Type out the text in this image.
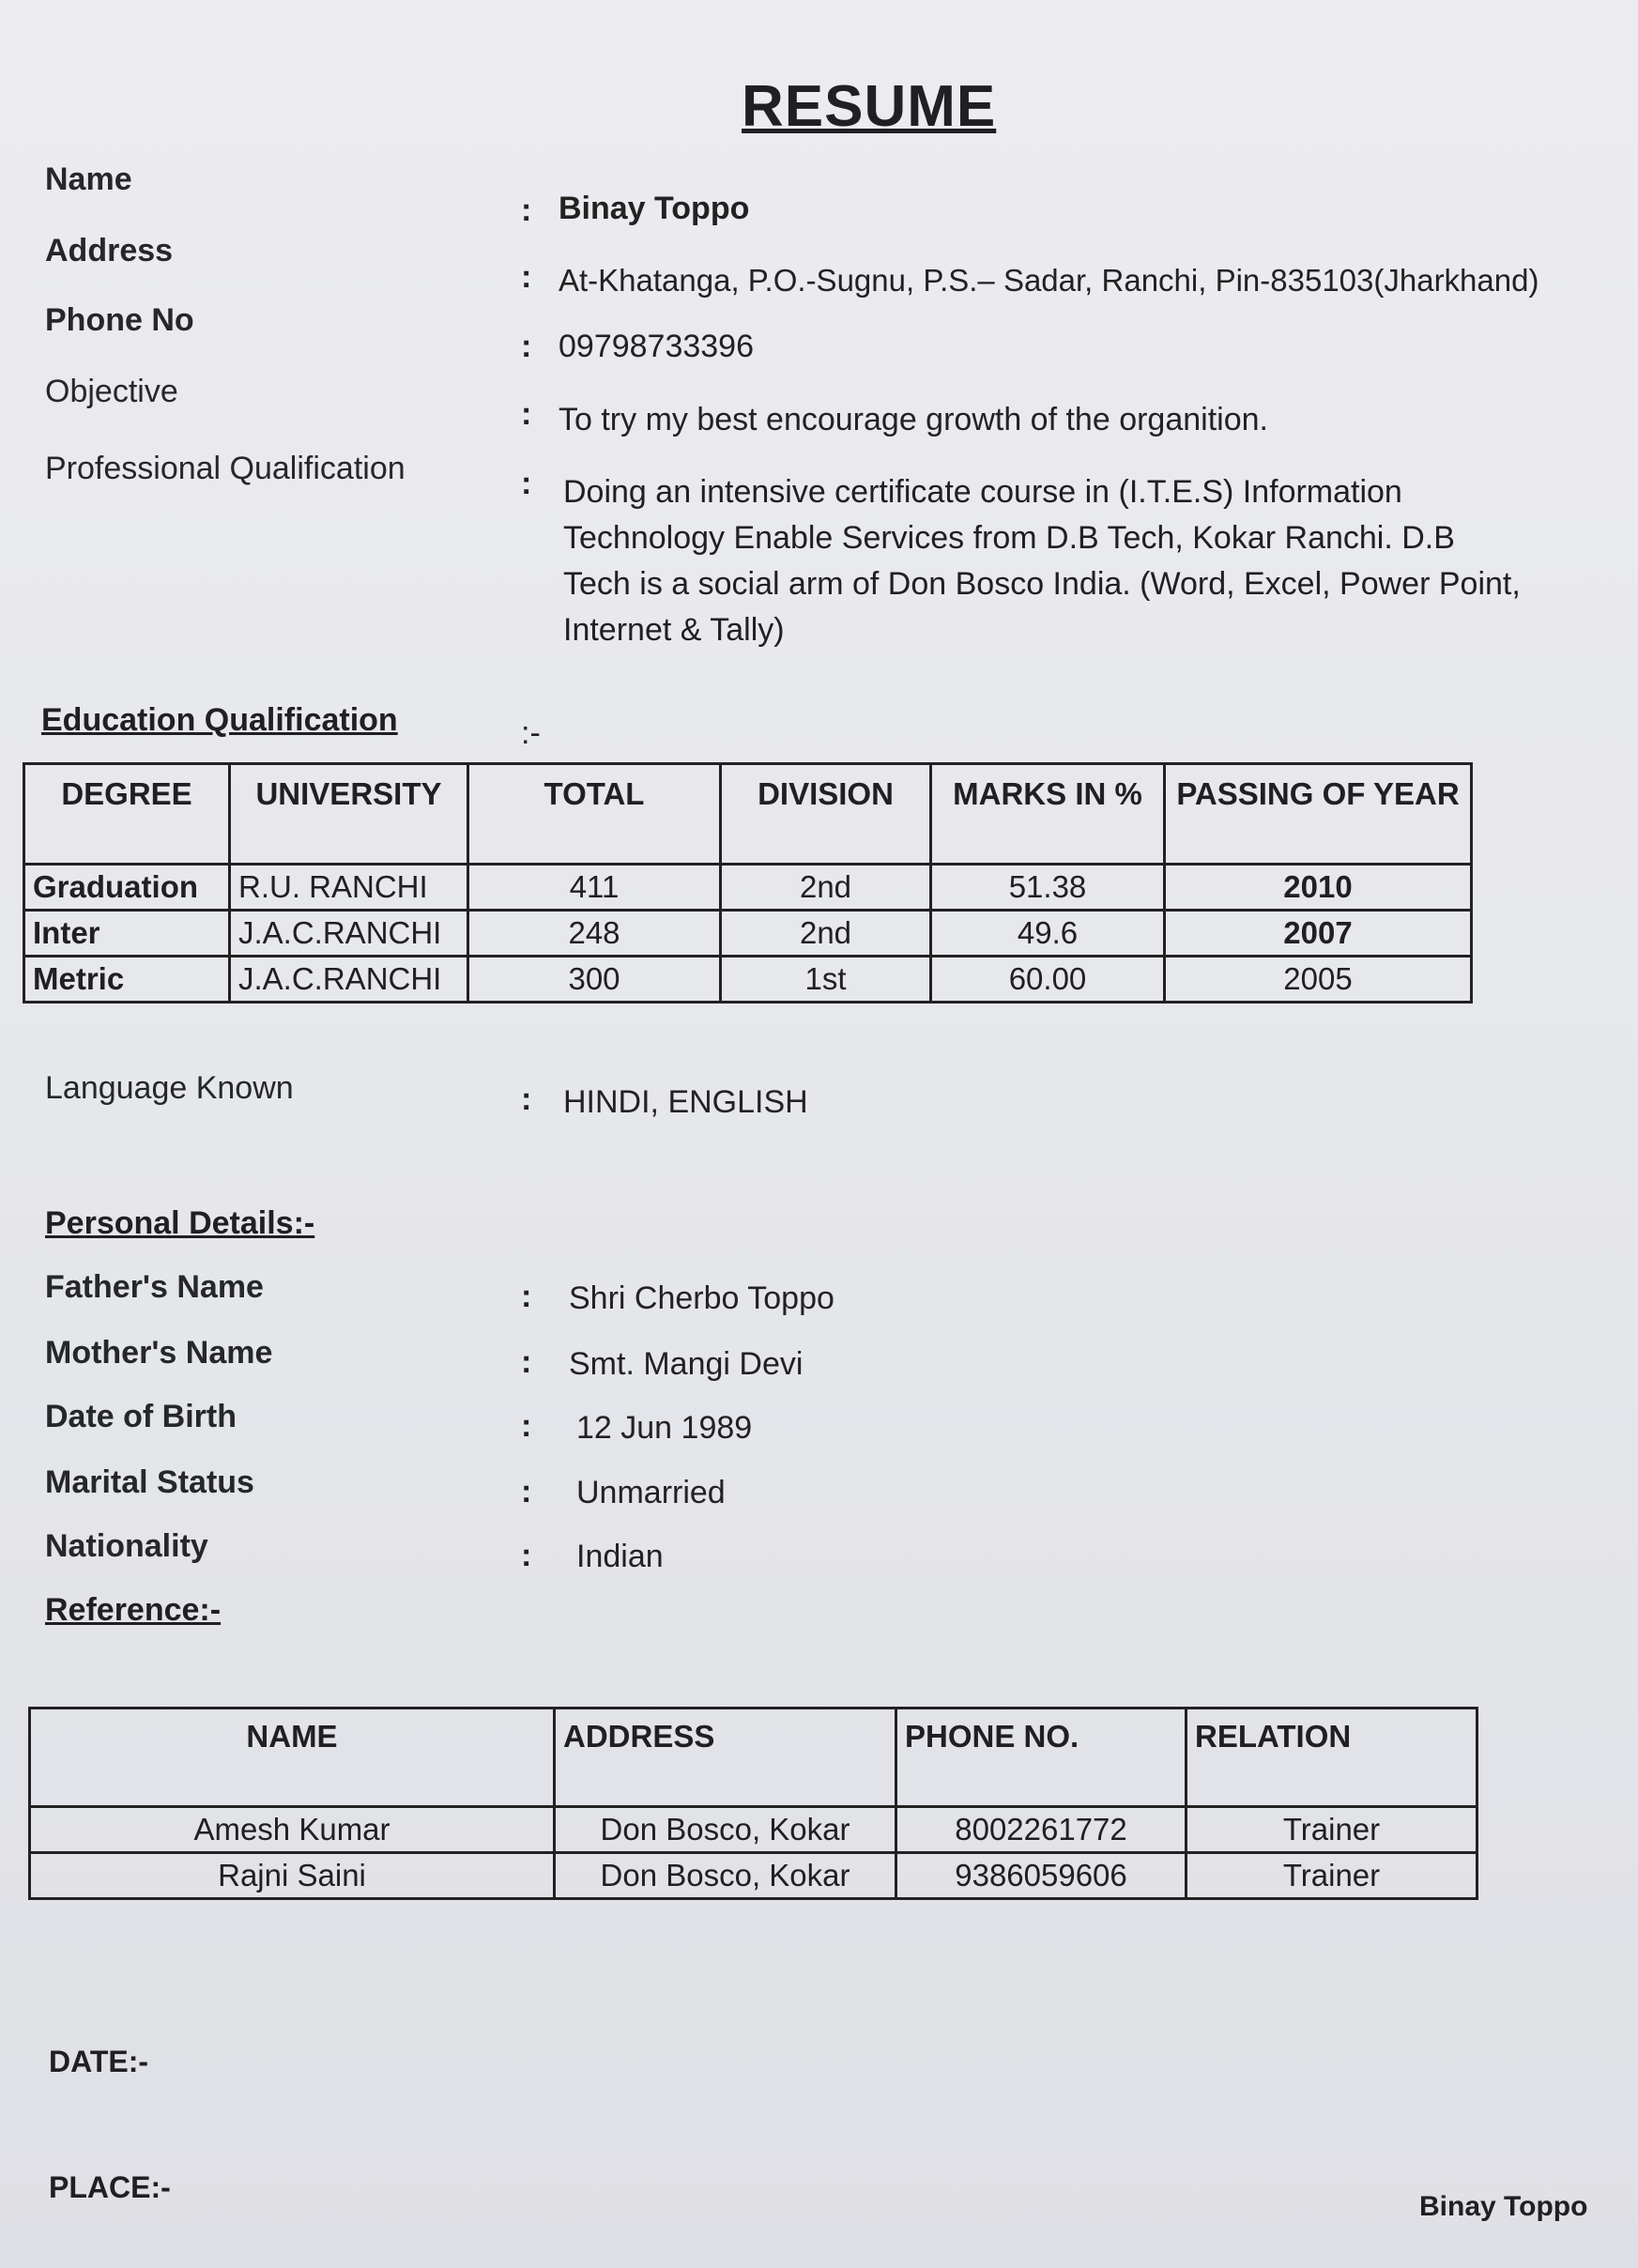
RESUME
Name
: Binay Toppo
Address
: At-Khatanga, P.O.-Sugnu, P.S.– Sadar, Ranchi, Pin-835103(Jharkhand)
Phone No
: 09798733396
Objective
: To try my best encourage growth of the organition.
Professional Qualification	: Doing an intensive certificate course in (I.T.E.S) Information Technology Enable Services from D.B Tech, Kokar Ranchi. D.B Tech is a social arm of Don Bosco India. (Word, Excel, Power Point, Internet & Tally)
Education Qualification	:-
DEGREE	UNIVERSITY	TOTAL	DIVISION	MARKS IN %	PASSING OF YEAR
Graduation	R.U. RANCHI	411	2nd	51.38	2010
Inter	J.A.C.RANCHI	248	2nd	49.6	2007
Metric	J.A.C.RANCHI	300	1st	60.00	2005
Language Known	: HINDI, ENGLISH
Personal Details:-
Father's Name	: Shri Cherbo Toppo
Mother's Name	: Smt. Mangi Devi
Date of Birth	: 12 Jun 1989
Marital Status	: Unmarried
Nationality	: Indian
Reference:-
NAME	ADDRESS	PHONE NO.	RELATION
Amesh Kumar	Don Bosco, Kokar	8002261772	Trainer
Rajni Saini	Don Bosco, Kokar	9386059606	Trainer
DATE:-
PLACE:-
Binay Toppo
